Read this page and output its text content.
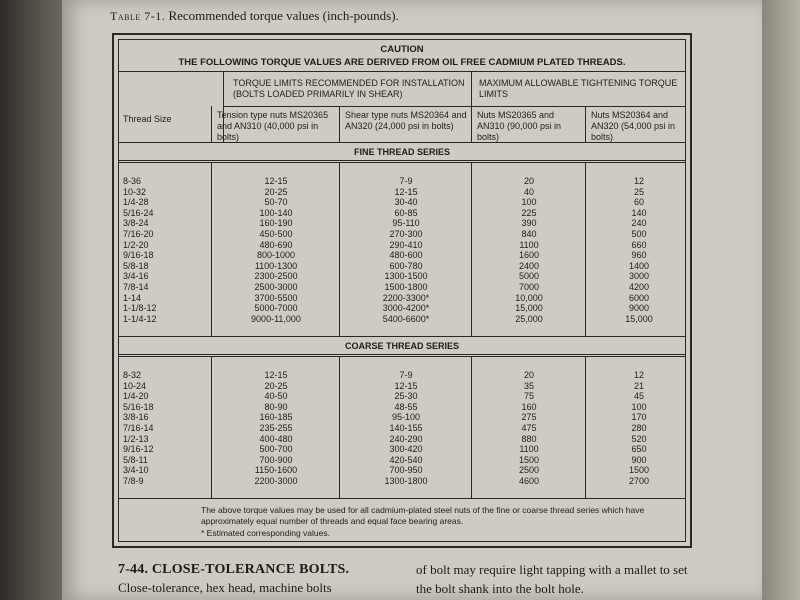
Table 7-1. Recommended torque values (inch-pounds).
CAUTION
THE FOLLOWING TORQUE VALUES ARE DERIVED FROM OIL FREE CADMIUM PLATED THREADS.
TORQUE LIMITS RECOMMENDED FOR INSTALLATION (BOLTS LOADED PRIMARILY IN SHEAR)
MAXIMUM ALLOWABLE TIGHTENING TORQUE LIMITS
Thread Size	Tension type nuts MS20365 and AN310 (40,000 psi in bolts)
Shear type nuts MS20364 and AN320 (24,000 psi in bolts)
Nuts MS20365 and AN310 (90,000 psi in bolts)
Nuts MS20364 and AN320 (54,000 psi in bolts)
FINE THREAD SERIES
8-36
10-32
1/4-28
5/16-24
3/8-24
7/16-20
1/2-20
9/16-18
5/8-18
3/4-16
7/8-14
1-14
1-1/8-12
1-1/4-12
12-15
20-25
50-70
100-140
160-190
450-500
480-690
800-1000
1100-1300
2300-2500
2500-3000
3700-5500
5000-7000
9000-11,000
7-9
12-15
30-40
60-85
95-110
270-300
290-410
480-600
600-780
1300-1500
1500-1800
2200-3300*
3000-4200*
5400-6600*
20
40
100
225
390
840
1100
1600
2400
5000
7000
10,000
15,000
25,000
12
25
60
140
240
500
660
960
1400
3000
4200
6000
9000
15,000
COARSE THREAD SERIES
8-32
10-24
1/4-20
5/16-18
3/8-16
7/16-14
1/2-13
9/16-12
5/8-11
3/4-10
7/8-9
12-15
20-25
40-50
80-90
160-185
235-255
400-480
500-700
700-900
1150-1600
2200-3000
7-9
12-15
25-30
48-55
95-100
140-155
240-290
300-420
420-540
700-950
1300-1800
20
35
75
160
275
475
880
1100
1500
2500
4600
12
21
45
100
170
280
520
650
900
1500
2700
The above torque values may be used for all cadmium-plated steel nuts of the fine or coarse thread series which have approximately equal number of threads and equal face bearing areas.
* Estimated corresponding values.
7-44. CLOSE-TOLERANCE BOLTS.
Close-tolerance, hex head, machine bolts
of bolt may require light tapping with a mallet to set the bolt shank into the bolt hole.
